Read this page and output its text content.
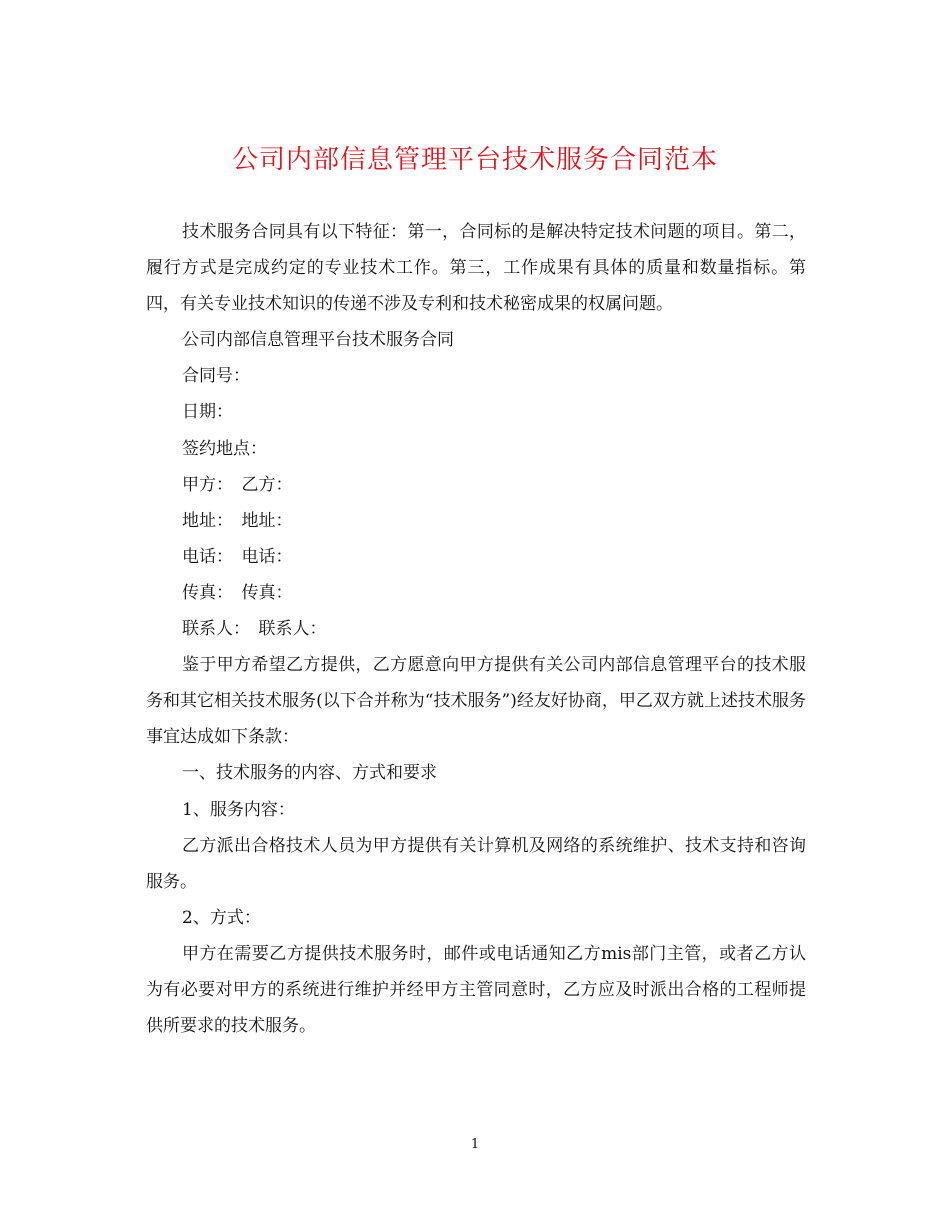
公司内部信息管理平台技术服务合同范本

技术服务合同具有以下特征：第一，合同标的是解决特定技术问题的项目。第二，履行方式是完成约定的专业技术工作。第三，工作成果有具体的质量和数量指标。第四，有关专业技术知识的传递不涉及专利和技术秘密成果的权属问题。

公司内部信息管理平台技术服务合同

合同号：

日期：

签约地点：

甲方：　乙方：

地址：　地址：

电话：　电话：

传真：　传真：

联系人：　联系人：

鉴于甲方希望乙方提供，乙方愿意向甲方提供有关公司内部信息管理平台的技术服务和其它相关技术服务(以下合并称为“技术服务”)经友好协商，甲乙双方就上述技术服务事宜达成如下条款：

一、技术服务的内容、方式和要求

1、服务内容：

乙方派出合格技术人员为甲方提供有关计算机及网络的系统维护、技术支持和咨询服务。

2、方式：

甲方在需要乙方提供技术服务时，邮件或电话通知乙方mis部门主管，或者乙方认为有必要对甲方的系统进行维护并经甲方主管同意时，乙方应及时派出合格的工程师提供所要求的技术服务。

1
